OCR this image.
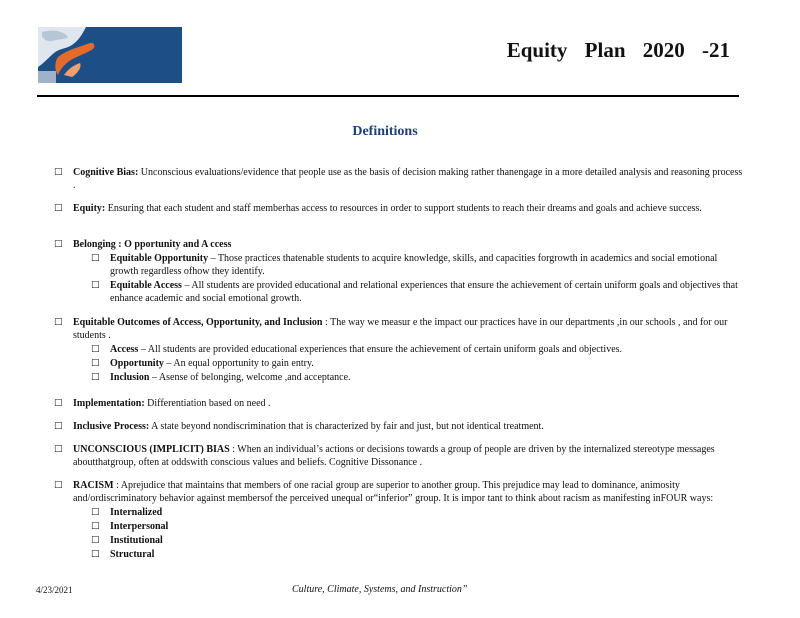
Equity Plan 2020 -21
Definitions
□ Cognitive Bias: Unconscious evaluations/evidence that people use as the basis of decision making rather thanengage in a more detailed analysis and reasoning process .
□ Equity: Ensuring that each student and staff memberhas access to resources in order to support students to reach their dreams and goals and achieve success.
□ Belonging : O pportunity and A ccess
□ Equitable Opportunity – Those practices thatenable students to acquire knowledge, skills, and capacities forgrowth in academics and social emotional growth regardless ofhow they identify.
□ Equitable Access – All students are provided educational and relational experiences that ensure the achievement of certain uniform goals and objectives that enhance academic and social emotional growth.
□ Equitable Outcomes of Access, Opportunity, and Inclusion : The way we measur e the impact our practices have in our departments ,in our schools , and for our students .
□ Access – All students are provided educational experiences that ensure the achievement of certain uniform goals and objectives.
□ Opportunity – An equal opportunity to gain entry.
□ Inclusion – Asense of belonging, welcome ,and acceptance.
□ Implementation: Differentiation based on need .
□ Inclusive Process: A state beyond nondiscrimination that is characterized by fair and just, but not identical treatment.
□ UNCONSCIOUS (IMPLICIT) BIAS : When an individual’s actions or decisions towards a group of people are driven by the internalized stereotype messages aboutthatgroup, often at oddswith conscious values and beliefs. Cognitive Dissonance .
□ RACISM : Aprejudice that maintains that members of one racial group are superior to another group. This prejudice may lead to dominance, animosity and/ordiscriminatory behavior against membersof the perceived unequal or“inferior” group. It is impor tant to think about racism as manifesting inFOUR ways:
□ Internalized
□ Interpersonal
□ Institutional
□ Structural
4/23/2021	Culture, Climate, Systems, and Instruction”
